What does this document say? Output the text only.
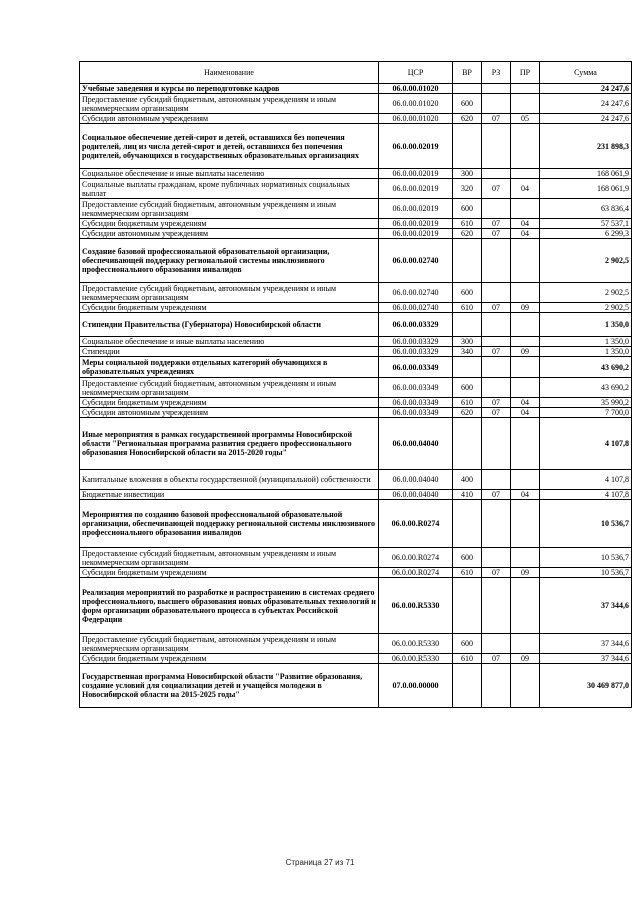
Наименование	ЦСР	ВР	РЗ	ПР	Сумма
Учебные заведения и курсы по переподготовке кадров	06.0.00.01020				24 247,6
Предоставление субсидий бюджетным, автономным учреждениям и иным некоммерческим организациям	06.0.00.01020	600			24 247,6
Субсидии автономным учреждениям	06.0.00.01020	620	07	05	24 247,6
Социальное обеспечение детей-сирот и детей, оставшихся без попечения родителей, лиц из числа детей-сирот и детей, оставшихся без попечения родителей, обучающихся в государственных образовательных организациях	06.0.00.02019				231 898,3
Социальное обеспечение и иные выплаты населению	06.0.00.02019	300			168 061,9
Социальные выплаты гражданам, кроме публичных нормативных социальных выплат	06.0.00.02019	320	07	04	168 061,9
Предоставление субсидий бюджетным, автономным учреждениям и иным некоммерческим организациям	06.0.00.02019	600			63 836,4
Субсидии бюджетным учреждениям	06.0.00.02019	610	07	04	57 537,1
Субсидии автономным учреждениям	06.0.00.02019	620	07	04	6 299,3
Создание базовой профессиональной образовательной организации, обеспечивающей поддержку региональной системы инклюзивного профессионального образования инвалидов	06.0.00.02740				2 902,5
Предоставление субсидий бюджетным, автономным учреждениям и иным некоммерческим организациям	06.0.00.02740	600			2 902,5
Субсидии бюджетным учреждениям	06.0.00.02740	610	07	09	2 902,5
Стипендии Правительства (Губернатора) Новосибирской области	06.0.00.03329				1 350,0
Социальное обеспечение и иные выплаты населению	06.0.00.03329	300			1 350,0
Стипендии	06.0.00.03329	340	07	09	1 350,0
Меры социальной поддержки отдельных категорий обучающихся в образовательных учреждениях	06.0.00.03349				43 690,2
Предоставление субсидий бюджетным, автономным учреждениям и иным некоммерческим организациям	06.0.00.03349	600			43 690,2
Субсидии бюджетным учреждениям	06.0.00.03349	610	07	04	35 990,2
Субсидии автономным учреждениям	06.0.00.03349	620	07	04	7 700,0
Иные мероприятия в рамках государственной программы Новосибирской области "Региональная программа развития среднего профессионального образования Новосибирской области на 2015-2020 годы"	06.0.00.04040				4 107,8
Капитальные вложения в объекты государственной (муниципальной) собственности	06.0.00.04040	400			4 107,8
Бюджетные инвестиции	06.0.00.04040	410	07	04	4 107,8
Мероприятия по созданию базовой профессиональной образовательной организации, обеспечивающей поддержку региональной системы инклюзивного профессионального образования инвалидов	06.0.00.R0274				10 536,7
Предоставление субсидий бюджетным, автономным учреждениям и иным некоммерческим организациям	06.0.00.R0274	600			10 536,7
Субсидии бюджетным учреждениям	06.0.00.R0274	610	07	09	10 536,7
Реализация мероприятий по разработке и распространению в системах среднего профессионального, высшего образования новых образовательных технологий и форм организации образовательного процесса в субъектах Российской Федерации	06.0.00.R5330				37 344,6
Предоставление субсидий бюджетным, автономным учреждениям и иным некоммерческим организациям	06.0.00.R5330	600			37 344,6
Субсидии бюджетным учреждениям	06.0.00.R5330	610	07	09	37 344,6
Государственная программа Новосибирской области "Развитие образования, создание условий для социализации детей и учащейся молодежи в Новосибирской области на 2015-2025 годы"	07.0.00.00000				30 469 877,0
Страница 27 из 71
